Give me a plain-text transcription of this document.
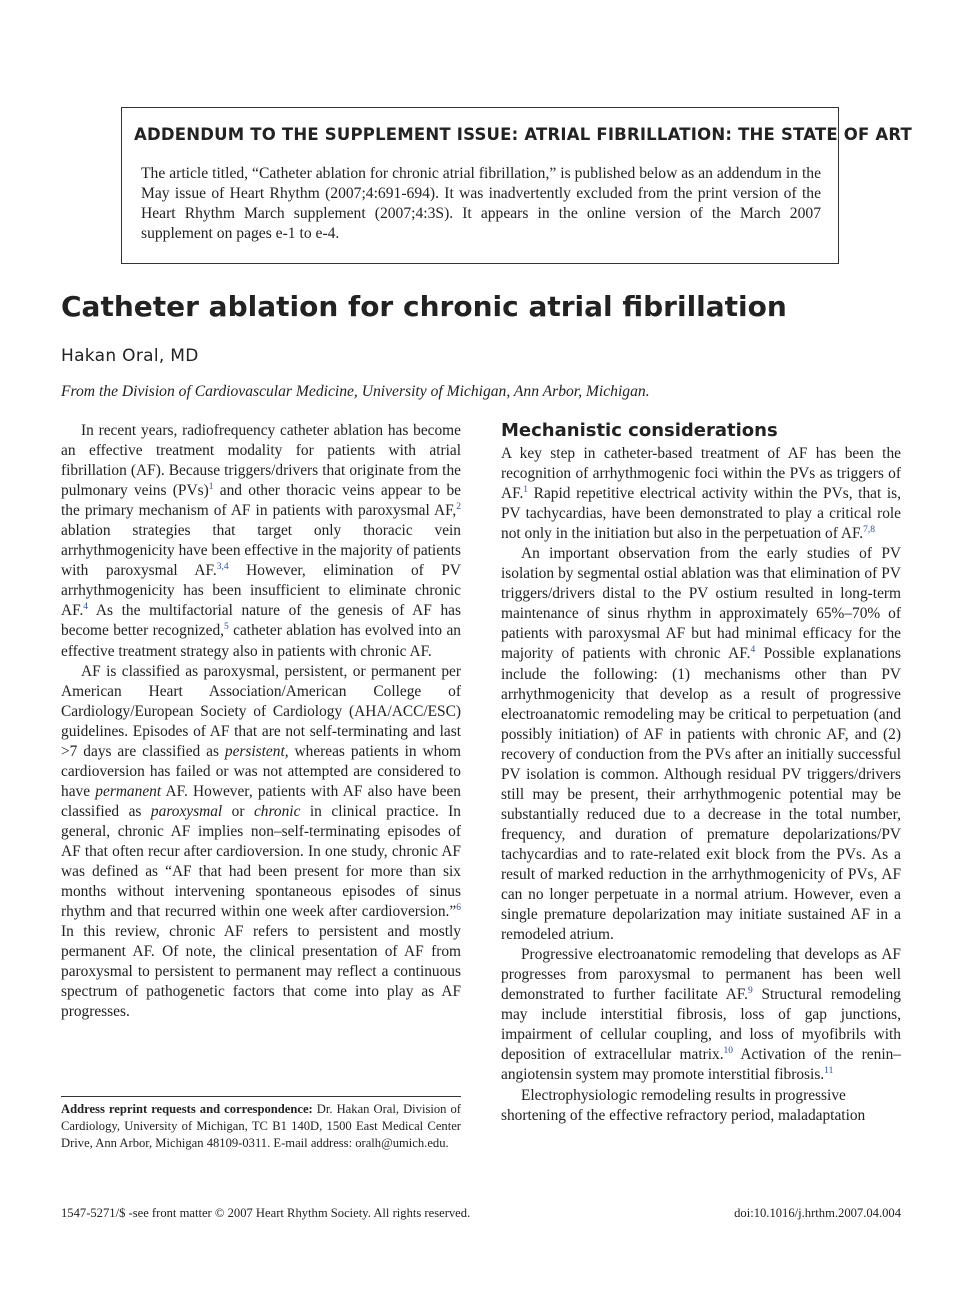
ADDENDUM TO THE SUPPLEMENT ISSUE: ATRIAL FIBRILLATION: THE STATE OF ART
The article titled, “Catheter ablation for chronic atrial fibrillation,” is published below as an addendum in the May issue of Heart Rhythm (2007;4:691-694). It was inadvertently excluded from the print version of the Heart Rhythm March supplement (2007;4:3S). It appears in the online version of the March 2007 supplement on pages e-1 to e-4.
Catheter ablation for chronic atrial fibrillation
Hakan Oral, MD
From the Division of Cardiovascular Medicine, University of Michigan, Ann Arbor, Michigan.

In recent years, radiofrequency catheter ablation has become an effective treatment modality for patients with atrial fibrillation (AF). Because triggers/drivers that originate from the pulmonary veins (PVs)$^1$ and other thoracic veins appear to be the primary mechanism of AF in patients with paroxysmal AF,$^2$ ablation strategies that target only thoracic vein arrhythmogenicity have been effective in the majority of patients with paroxysmal AF.$^{3,4}$ However, elimination of PV arrhythmogenicity has been insufficient to eliminate chronic AF.$^4$ As the multifactorial nature of the genesis of AF has become better recognized,$^5$ catheter ablation has evolved into an effective treatment strategy also in patients with chronic AF.

AF is classified as paroxysmal, persistent, or permanent per American Heart Association/American College of Cardiology/European Society of Cardiology (AHA/ACC/ESC) guidelines. Episodes of AF that are not self-terminating and last >7 days are classified as persistent, whereas patients in whom cardioversion has failed or was not attempted are considered to have permanent AF. However, patients with AF also have been classified as paroxysmal or chronic in clinical practice. In general, chronic AF implies non–self-terminating episodes of AF that often recur after cardioversion. In one study, chronic AF was defined as “AF that had been present for more than six months without intervening spontaneous episodes of sinus rhythm and that recurred within one week after cardioversion.”$^6$ In this review, chronic AF refers to persistent and mostly permanent AF. Of note, the clinical presentation of AF from paroxysmal to persistent to permanent may reflect a continuous spectrum of pathogenetic factors that come into play as AF progresses.

Mechanistic considerations

A key step in catheter-based treatment of AF has been the recognition of arrhythmogenic foci within the PVs as triggers of AF.$^1$ Rapid repetitive electrical activity within the PVs, that is, PV tachycardias, have been demonstrated to play a critical role not only in the initiation but also in the perpetuation of AF.$^{7,8}$

An important observation from the early studies of PV isolation by segmental ostial ablation was that elimination of PV triggers/drivers distal to the PV ostium resulted in long-term maintenance of sinus rhythm in approximately 65%–70% of patients with paroxysmal AF but had minimal efficacy for the majority of patients with chronic AF.$^4$ Possible explanations include the following: (1) mechanisms other than PV arrhythmogenicity that develop as a result of progressive electroanatomic remodeling may be critical to perpetuation (and possibly initiation) of AF in patients with chronic AF, and (2) recovery of conduction from the PVs after an initially successful PV isolation is common. Although residual PV triggers/drivers still may be present, their arrhythmogenic potential may be substantially reduced due to a decrease in the total number, frequency, and duration of premature depolarizations/PV tachycardias and to rate-related exit block from the PVs. As a result of marked reduction in the arrhythmogenicity of PVs, AF can no longer perpetuate in a normal atrium. However, even a single premature depolarization may initiate sustained AF in a remodeled atrium.

Progressive electroanatomic remodeling that develops as AF progresses from paroxysmal to permanent has been well demonstrated to further facilitate AF.$^9$ Structural remodeling may include interstitial fibrosis, loss of gap junctions, impairment of cellular coupling, and loss of myofibrils with deposition of extracellular matrix.$^{10}$ Activation of the renin–angiotensin system may promote interstitial fibrosis.$^{11}$

Electrophysiologic remodeling results in progressive shortening of the effective refractory period, maladaptation

Address reprint requests and correspondence: Dr. Hakan Oral, Division of Cardiology, University of Michigan, TC B1 140D, 1500 East Medical Center Drive, Ann Arbor, Michigan 48109-0311. E-mail address: oralh@umich.edu.
1547-5271/$ -see front matter © 2007 Heart Rhythm Society. All rights reserved.	doi:10.1016/j.hrthm.2007.04.004
